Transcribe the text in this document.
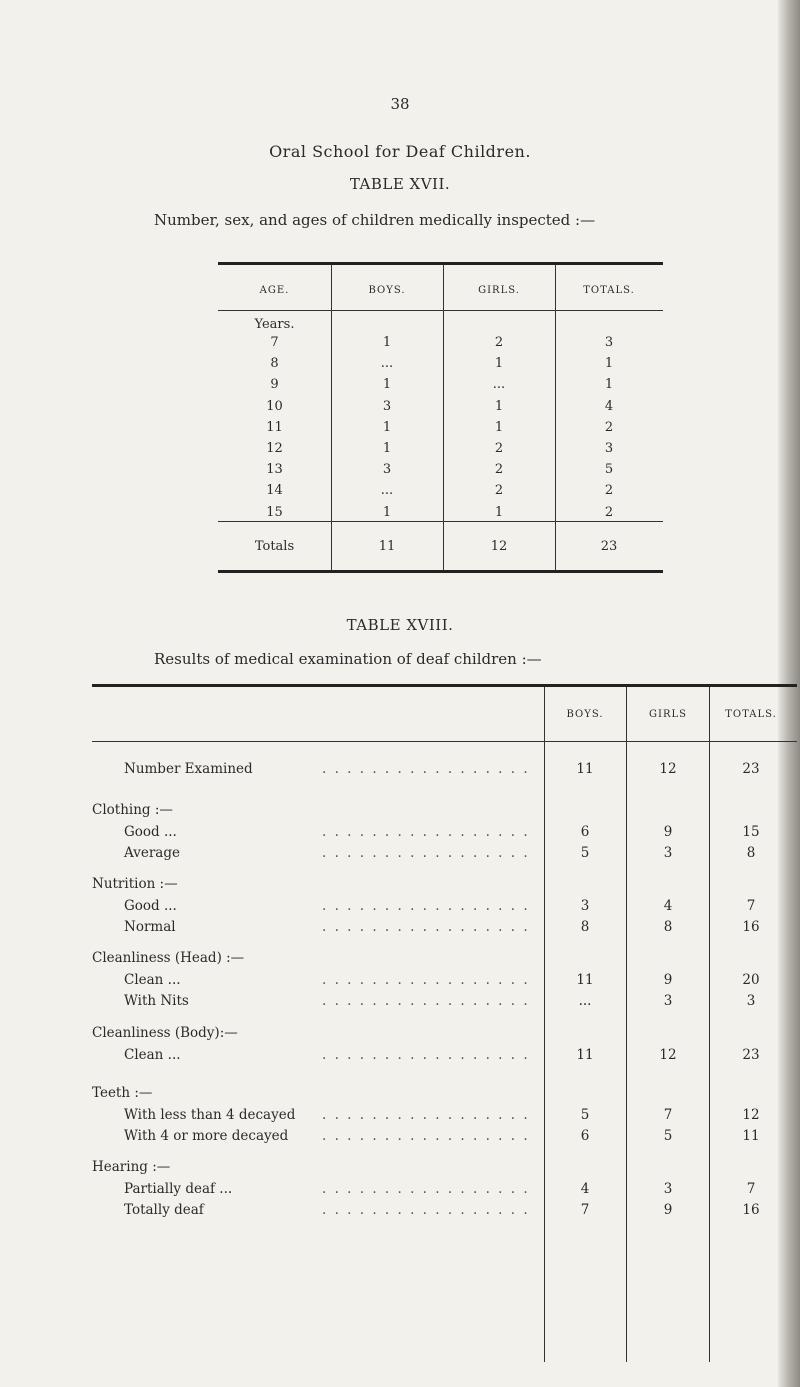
38
Oral School for Deaf Children.
TABLE XVII.
Number, sex, and ages of children medically inspected :—
AGE.	BOYS.	GIRLS.	TOTALS.
Years.
7	1	2	3
8	...	1	1
9	1	...	1
10	3	1	4
11	1	1	2
12	1	2	3
13	3	2	5
14	...	2	2
15	1	1	2
Totals	11	12	23
TABLE XVIII.
Results of medical examination of deaf children :—
BOYS.	GIRLS	TOTALS.
Number Examined	. . . . . . . . . . . . . . . . .	11	12	23
Clothing :—
Good ...	. . . . . . . . . . . . . . . . .	6	9	15
Average	. . . . . . . . . . . . . . . . .	5	3	8
Nutrition :—
Good ...	. . . . . . . . . . . . . . . . .	3	4	7
Normal	. . . . . . . . . . . . . . . . .	8	8	16
Cleanliness (Head) :—
Clean ...	. . . . . . . . . . . . . . . . .	11	9	20
With Nits	. . . . . . . . . . . . . . . . .	...	3	3
Cleanliness (Body):—
Clean ...	. . . . . . . . . . . . . . . . .	11	12	23
Teeth :—
With less than 4 decayed . . . . . . . . . . . . . . . . .	5	7	12
With 4 or more decayed . . . . . . . . . . . . . . . . .	6	5	11
Hearing :—
Partially deaf ...	. . . . . . . . . . . . . . . . .	4	3	7
Totally deaf	. . . . . . . . . . . . . . . . .	7	9	16
